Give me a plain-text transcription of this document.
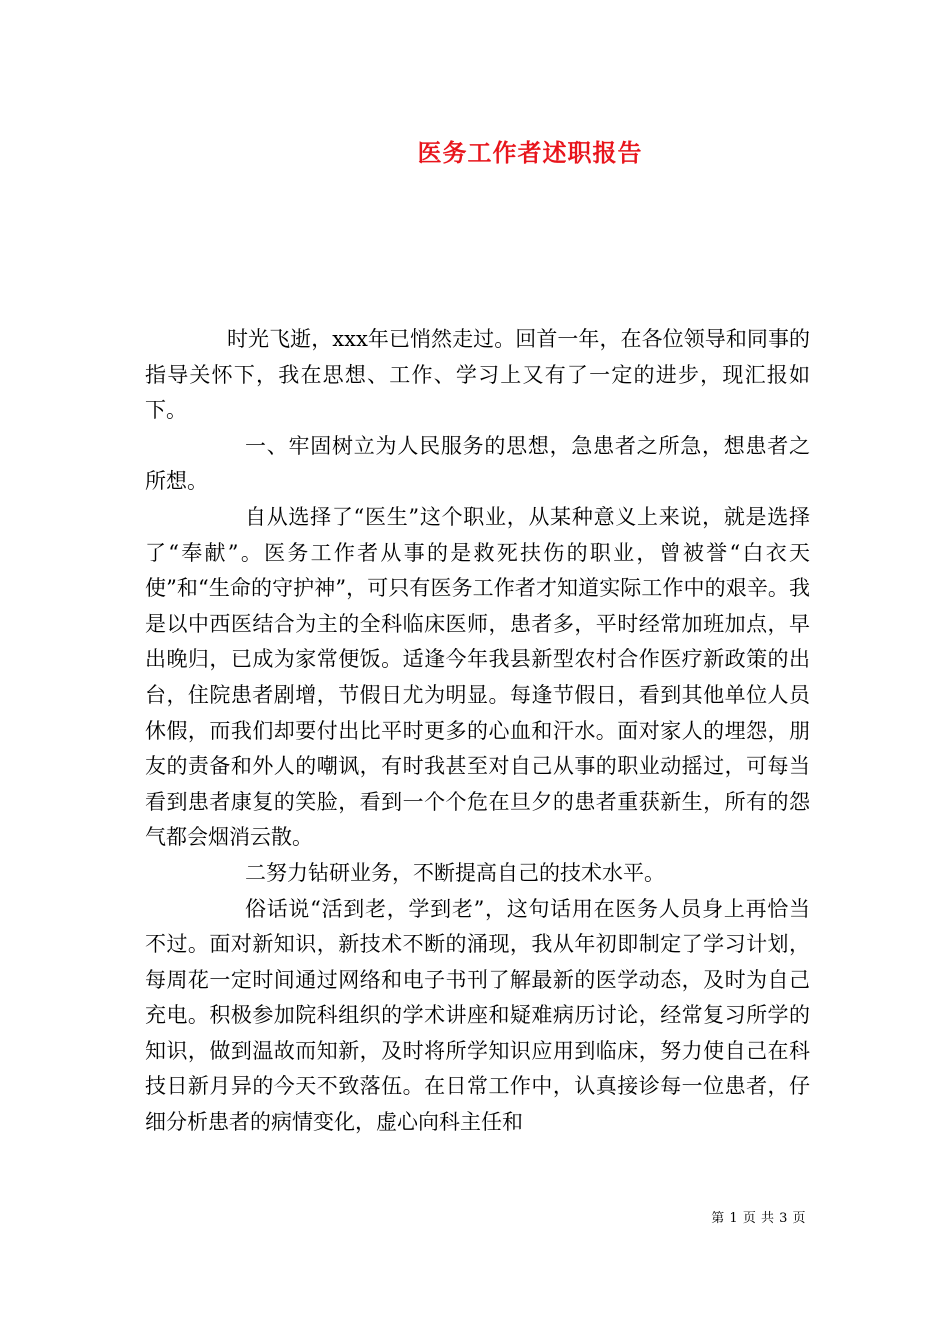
医务工作者述职报告

时光飞逝，xxx年已悄然走过。回首一年，在各位领导和同事的指导关怀下，我在思想、工作、学习上又有了一定的进步，现汇报如下。

一、牢固树立为人民服务的思想，急患者之所急，想患者之所想。

自从选择了“医生”这个职业，从某种意义上来说，就是选择了“奉献”。医务工作者从事的是救死扶伤的职业，曾被誉“白衣天使”和“生命的守护神”，可只有医务工作者才知道实际工作中的艰辛。我是以中西医结合为主的全科临床医师，患者多，平时经常加班加点，早出晚归，已成为家常便饭。适逢今年我县新型农村合作医疗新政策的出台，住院患者剧增，节假日尤为明显。每逢节假日，看到其他单位人员休假，而我们却要付出比平时更多的心血和汗水。面对家人的埋怨，朋友的责备和外人的嘲讽，有时我甚至对自己从事的职业动摇过，可每当看到患者康复的笑脸，看到一个个危在旦夕的患者重获新生，所有的怨气都会烟消云散。

二努力钻研业务，不断提高自己的技术水平。

俗话说“活到老，学到老”，这句话用在医务人员身上再恰当不过。面对新知识，新技术不断的涌现，我从年初即制定了学习计划，每周花一定时间通过网络和电子书刊了解最新的医学动态，及时为自己充电。积极参加院科组织的学术讲座和疑难病历讨论，经常复习所学的知识，做到温故而知新，及时将所学知识应用到临床，努力使自己在科技日新月异的今天不致落伍。在日常工作中，认真接诊每一位患者，仔细分析患者的病情变化，虚心向科主任和

第 1 页 共 3 页
